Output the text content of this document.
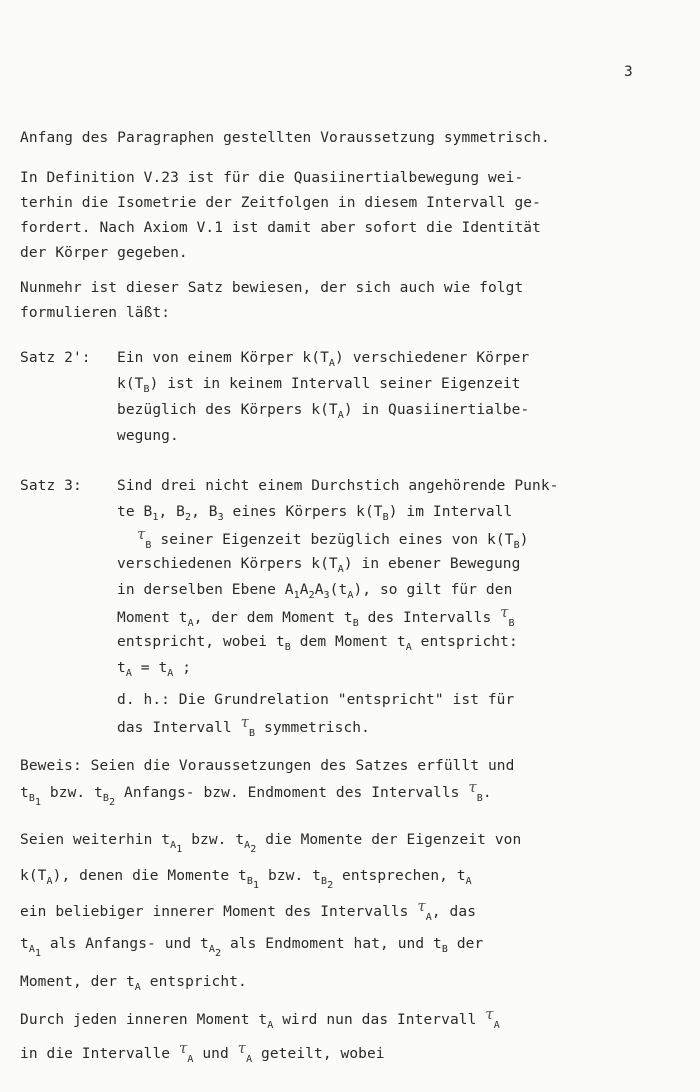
3
Anfang des Paragraphen gestellten Voraussetzung symmetrisch.
In Definition V.23 ist für die Quasiinertialbewegung wei-
terhin die Isometrie der Zeitfolgen in diesem Intervall ge-
fordert. Nach Axiom V.1 ist damit aber sofort die Identität
der Körper gegeben.
Nunmehr ist dieser Satz bewiesen, der sich auch wie folgt
formulieren läßt:
Satz 2': Ein von einem Körper $k(T_A)$ verschiedener Körper
$k(T_B)$ ist in keinem Intervall seiner Eigenzeit
bezüglich des Körpers $k(T_A)$ in Quasiinertialbe-
wegung.
Satz 3: Sind drei nicht einem Durchstich angehörende Punk-
te $B_1$, $B_2$, $B_3$ eines Körpers $k(T_B)$ im Intervall
$\tau_B$ seiner Eigenzeit bezüglich eines von $k(T_B)$
verschiedenen Körpers $k(T_A)$ in ebener Bewegung
in derselben Ebene $A_1A_2A_3(t_A)$, so gilt für den
Moment $t_A$, der dem Moment $t_B$ des Intervalls $\tau_B$
entspricht, wobei $t_B$ dem Moment $t_A$ entspricht:
$t_A = t_A$ ;
d. h.: Die Grundrelation "entspricht" ist für
das Intervall $\tau_B$ symmetrisch.
Beweis: Seien die Voraussetzungen des Satzes erfüllt und
$t_{B_1}$ bzw. $t_{B_2}$ Anfangs- bzw. Endmoment des Intervalls $\tau_B$.
Seien weiterhin $t_{A_1}$ bzw. $t_{A_2}$ die Momente der Eigenzeit von
$k(T_A)$, denen die Momente $t_{B_1}$ bzw. $t_{B_2}$ entsprechen, $t_A$
ein beliebiger innerer Moment des Intervalls $\tau_A$, das
$t_{A_1}$ als Anfangs- und $t_{A_2}$ als Endmoment hat, und $t_B$ der
Moment, der $t_A$ entspricht.
Durch jeden inneren Moment $t_A$ wird nun das Intervall $\tau_A$
in die Intervalle $\tau_A$ und $\tau_A$ geteilt, wobei
